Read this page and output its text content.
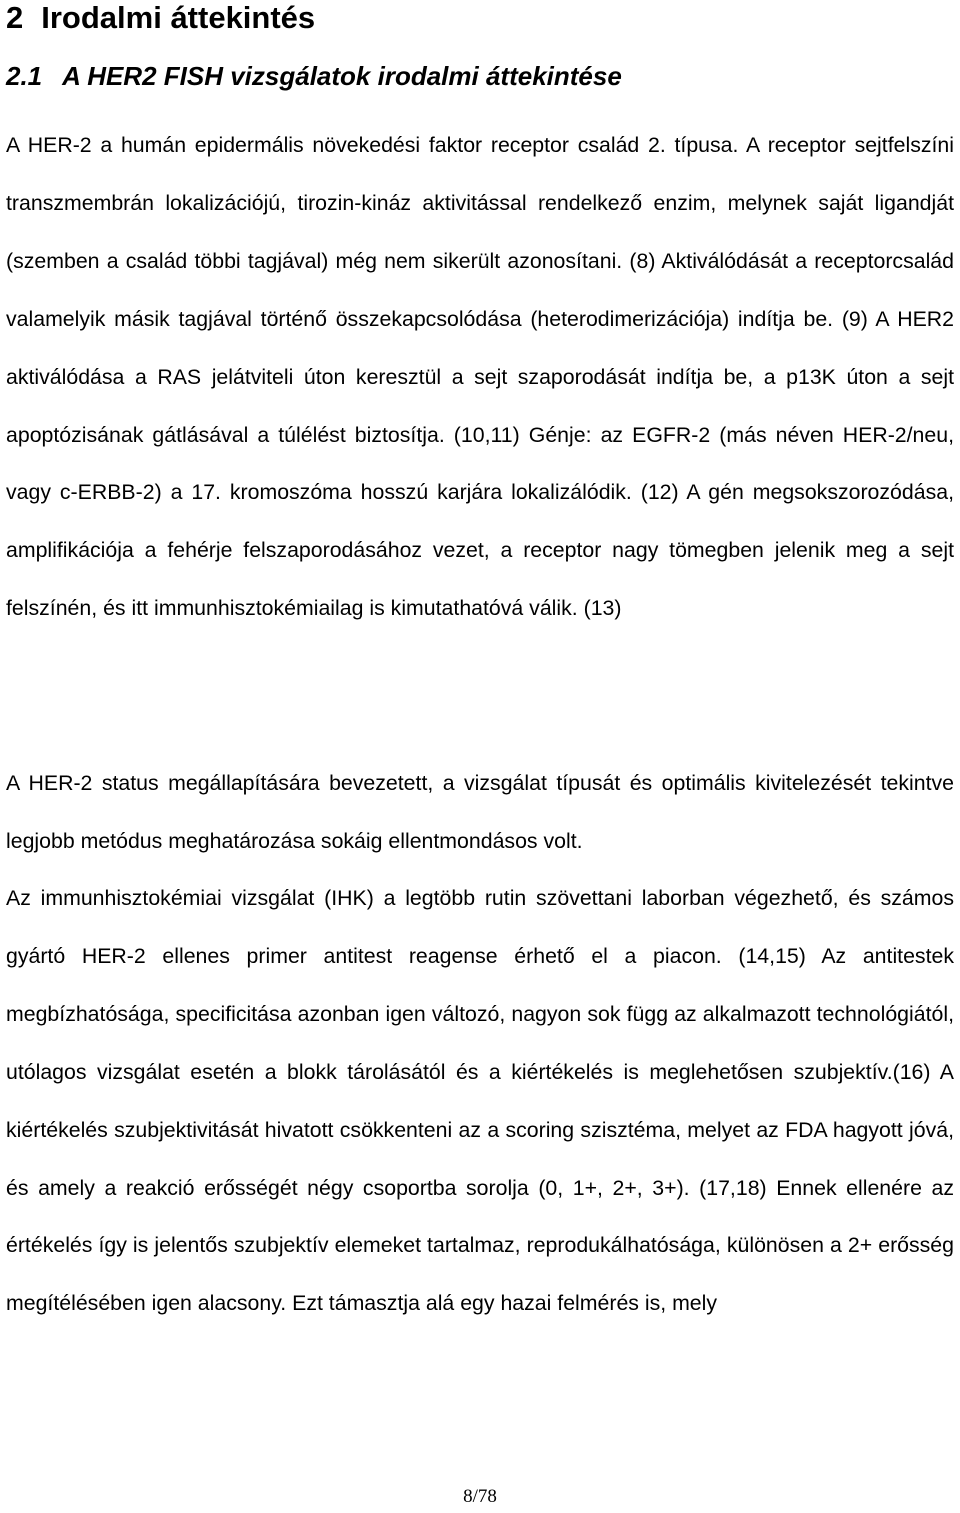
2 Irodalmi áttekintés
2.1 A HER2 FISH vizsgálatok irodalmi áttekintése

A HER-2 a humán epidermális növekedési faktor receptor család 2. típusa. A receptor sejtfelszíni transzmembrán lokalizációjú, tirozin-kináz aktivitással rendelkező enzim, melynek saját ligandját (szemben a család többi tagjával) még nem sikerült azonosítani. (8) Aktiválódását a receptorcsalád valamelyik másik tagjával történő összekapcsolódása (heterodimerizációja) indítja be. (9) A HER2 aktiválódása a RAS jelátviteli úton keresztül a sejt szaporodását indítja be, a p13K úton a sejt apoptózisának gátlásával a túlélést biztosítja. (10,11) Génje: az EGFR-2 (más néven HER-2/neu, vagy c-ERBB-2) a 17. kromoszóma hosszú karjára lokalizálódik. (12) A gén megsokszorozódása, amplifikációja a fehérje felszaporodásához vezet, a receptor nagy tömegben jelenik meg a sejt felszínén, és itt immunhisztokémiailag is kimutathatóvá válik. (13)

A HER-2 status megállapítására bevezetett, a vizsgálat típusát és optimális kivitelezését tekintve legjobb metódus meghatározása sokáig ellentmondásos volt.

Az immunhisztokémiai vizsgálat (IHK) a legtöbb rutin szövettani laborban végezhető, és számos gyártó HER-2 ellenes primer antitest reagense érhető el a piacon. (14,15) Az antitestek megbízhatósága, specificitása azonban igen változó, nagyon sok függ az alkalmazott technológiától, utólagos vizsgálat esetén a blokk tárolásától és a kiértékelés is meglehetősen szubjektív.(16) A kiértékelés szubjektivitását hivatott csökkenteni az a scoring szisztéma, melyet az FDA hagyott jóvá, és amely a reakció erősségét négy csoportba sorolja (0, 1+, 2+, 3+). (17,18) Ennek ellenére az értékelés így is jelentős szubjektív elemeket tartalmaz, reprodukálhatósága, különösen a 2+ erősség megítélésében igen alacsony. Ezt támasztja alá egy hazai felmérés is, mely

8/78
